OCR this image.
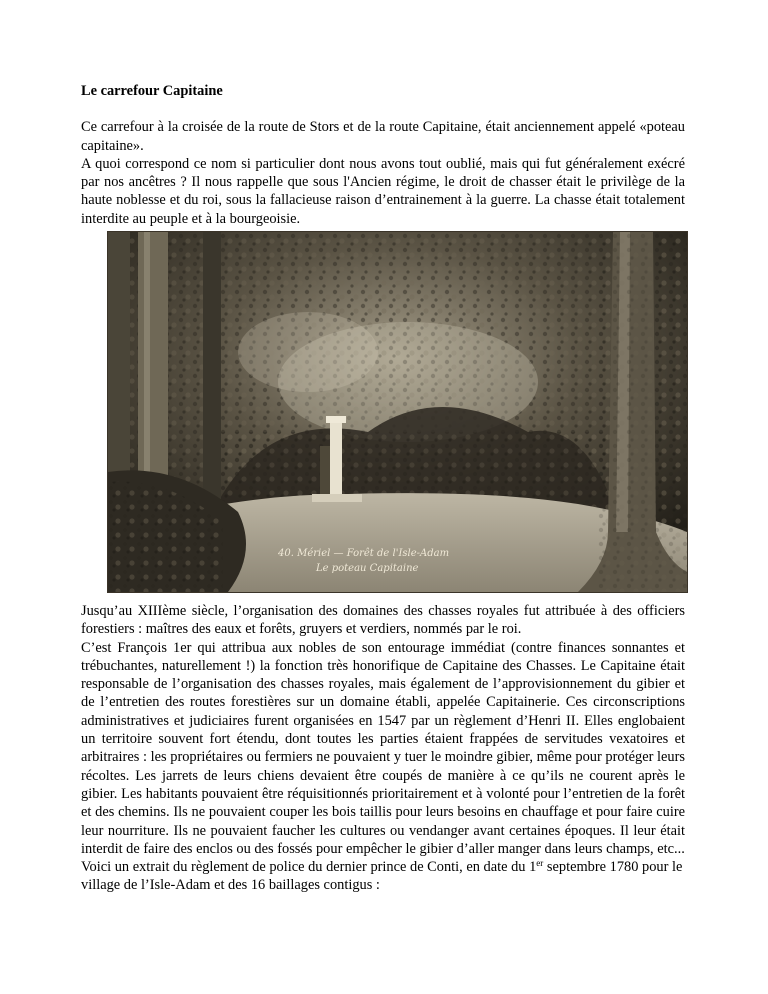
Le carrefour Capitaine

Ce carrefour à la croisée de la route de Stors et de la route Capitaine, était anciennement appelé «poteau capitaine».

A quoi correspond ce nom si particulier dont nous avons tout oublié, mais qui fut généralement exécré par nos ancêtres ? Il nous rappelle que sous l'Ancien régime, le droit de chasser était le privilège de la haute noblesse et du roi, sous la fallacieuse raison d’entrainement à la guerre. La chasse était totalement interdite au peuple et à la bourgeoisie.

40. Mériel — Forêt de l'Isle-Adam
Le poteau Capitaine

Jusqu’au XIIIème siècle, l’organisation des domaines des chasses royales fut attribuée à des officiers forestiers : maîtres des eaux et forêts, gruyers et verdiers, nommés par le roi.

C’est François 1er qui attribua aux nobles de son entourage immédiat (contre finances sonnantes et trébuchantes, naturellement !) la fonction très honorifique de Capitaine des Chasses. Le Capitaine était responsable de l’organisation des chasses royales, mais également de l’approvisionnement du gibier et de l’entretien des routes forestières sur un domaine établi, appelée Capitainerie. Ces circonscriptions administratives et judiciaires furent organisées en 1547 par un règlement d’Henri II. Elles englobaient un territoire souvent fort étendu, dont toutes les parties étaient frappées de servitudes vexatoires et arbitraires : les propriétaires ou fermiers ne pouvaient y tuer le moindre gibier, même pour protéger leurs récoltes. Les jarrets de leurs chiens devaient être coupés de manière à ce qu’ils ne courent après le gibier. Les habitants pouvaient être réquisitionnés prioritairement et à volonté pour l’entretien de la forêt et des chemins. Ils ne pouvaient couper les bois taillis pour leurs besoins en chauffage et pour faire cuire leur nourriture. Ils ne pouvaient faucher les cultures ou vendanger avant certaines époques. Il leur était interdit de faire des enclos ou des fossés pour empêcher le gibier d’aller manger dans leurs champs, etc...

Voici un extrait du règlement de police du dernier prince de Conti, en date du 1er septembre 1780 pour le village de l’Isle-Adam et des 16 baillages contigus :
